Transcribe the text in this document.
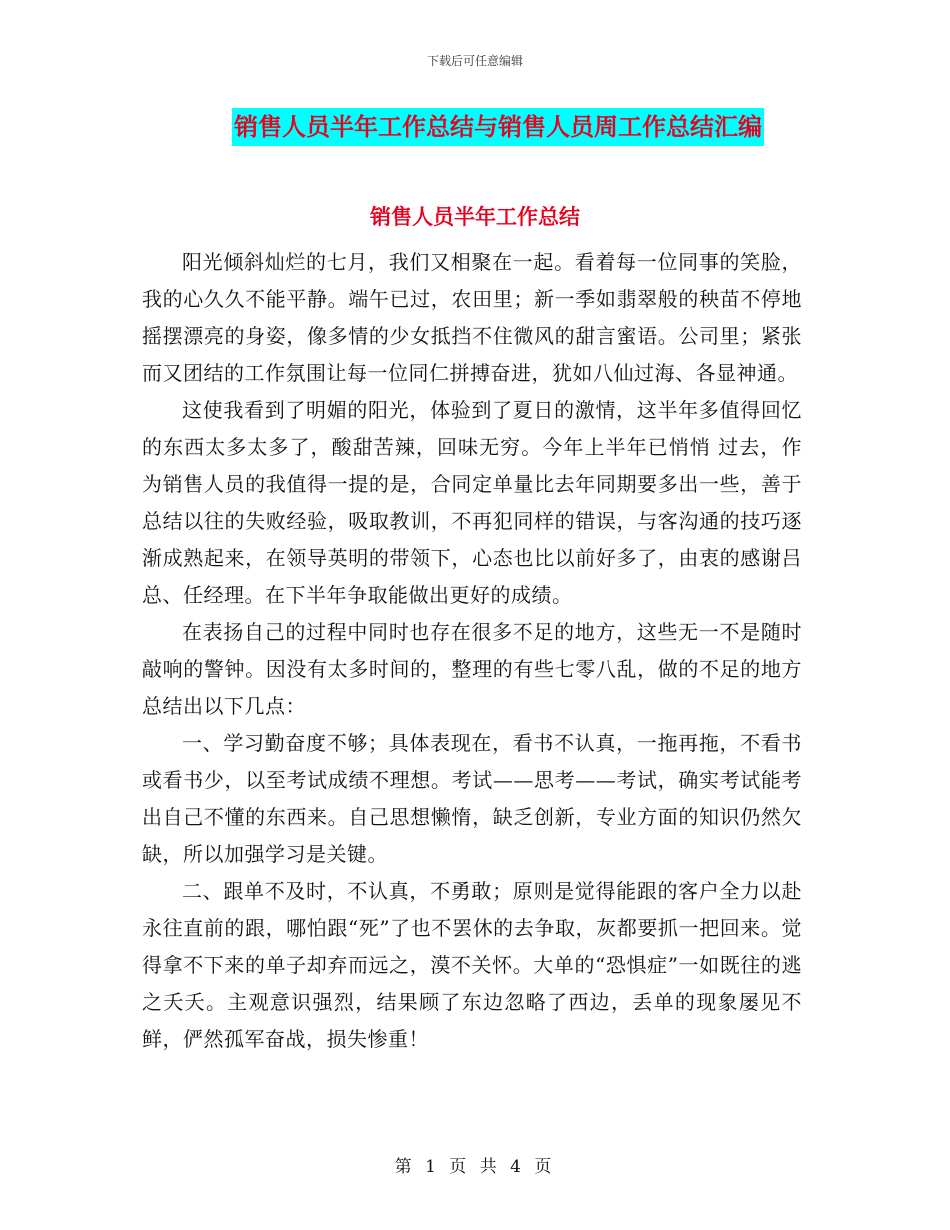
下载后可任意编辑
销售人员半年工作总结与销售人员周工作总结汇编
销售人员半年工作总结

阳光倾斜灿烂的七月，我们又相聚在一起。看着每一位同事的笑脸，我的心久久不能平静。端午已过，农田里；新一季如翡翠般的秧苗不停地摇摆漂亮的身姿，像多情的少女抵挡不住微风的甜言蜜语。公司里；紧张而又团结的工作氛围让每一位同仁拼搏奋进，犹如八仙过海、各显神通。

这使我看到了明媚的阳光，体验到了夏日的激情，这半年多值得回忆的东西太多太多了，酸甜苦辣，回味无穷。今年上半年已悄悄 过去，作为销售人员的我值得一提的是，合同定单量比去年同期要多出一些，善于总结以往的失败经验，吸取教训，不再犯同样的错误，与客沟通的技巧逐渐成熟起来，在领导英明的带领下，心态也比以前好多了，由衷的感谢吕总、任经理。在下半年争取能做出更好的成绩。

在表扬自己的过程中同时也存在很多不足的地方，这些无一不是随时敲响的警钟。因没有太多时间的，整理的有些七零八乱，做的不足的地方总结出以下几点：

一、学习勤奋度不够；具体表现在，看书不认真，一拖再拖，不看书或看书少，以至考试成绩不理想。考试——思考——考试，确实考试能考出自己不懂的东西来。自己思想懒惰，缺乏创新，专业方面的知识仍然欠缺，所以加强学习是关键。

二、跟单不及时，不认真，不勇敢；原则是觉得能跟的客户全力以赴永往直前的跟，哪怕跟“死”了也不罢休的去争取，灰都要抓一把回来。觉得拿不下来的单子却弃而远之，漠不关怀。大单的“恐惧症”一如既往的逃之夭夭。主观意识强烈，结果顾了东边忽略了西边，丢单的现象屡见不鲜，俨然孤军奋战，损失惨重！

第 1 页 共 4 页
